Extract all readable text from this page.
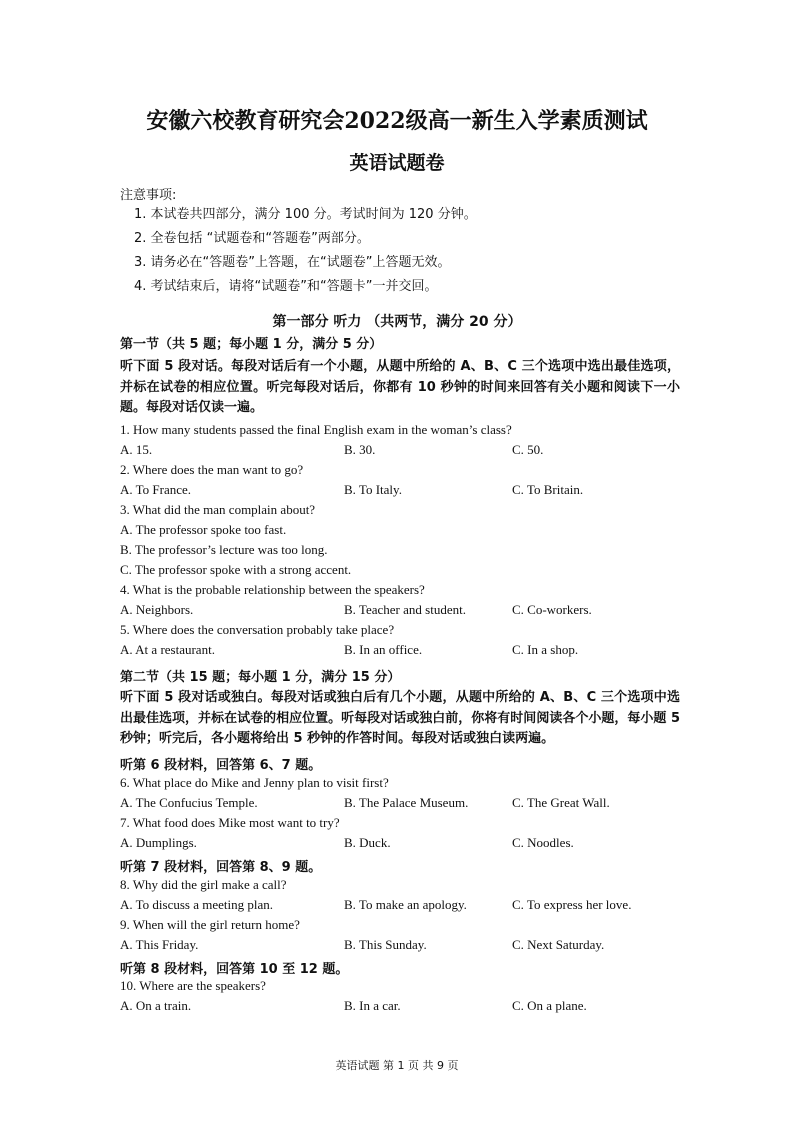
安徽六校教育研究会2022级高一新生入学素质测试
英语试题卷
注意事项:
1. 本试卷共四部分，满分 100 分。考试时间为 120 分钟。
2. 全卷包括 “试题卷和“答题卷”两部分。
3. 请务必在“答题卷”上答题，在“试题卷”上答题无效。
4. 考试结束后，请将“试题卷”和“答题卡”一并交回。
第一部分 听力 （共两节，满分 20 分）
第一节（共 5 题；每小题 1 分，满分 5 分）
听下面 5 段对话。每段对话后有一个小题，从题中所给的 A、B、C 三个选项中选出最佳选项，并标在试卷的相应位置。听完每段对话后，你都有 10 秒钟的时间来回答有关小题和阅读下一小题。每段对话仅读一遍。
1. How many students passed the final English exam in the woman’s class?
A. 15.	B. 30.	C. 50.
2. Where does the man want to go?
A. To France.	B. To Italy.	C. To Britain.
3. What did the man complain about?
A. The professor spoke too fast.
B. The professor’s lecture was too long.
C. The professor spoke with a strong accent.
4. What is the probable relationship between the speakers?
A. Neighbors.	B. Teacher and student.	C. Co-workers.
5. Where does the conversation probably take place?
A. At a restaurant.	B. In an office.	C. In a shop.
第二节（共 15 题；每小题 1 分，满分 15 分）
听下面 5 段对话或独白。每段对话或独白后有几个小题，从题中所给的 A、B、C 三个选项中选出最佳选项，并标在试卷的相应位置。听每段对话或独白前，你将有时间阅读各个小题，每小题 5 秒钟；听完后，各小题将给出 5 秒钟的作答时间。每段对话或独白读两遍。
听第 6 段材料，回答第 6、7 题。
6. What place do Mike and Jenny plan to visit first?
A. The Confucius Temple.	B. The Palace Museum.	C. The Great Wall.
7. What food does Mike most want to try?
A. Dumplings.	B. Duck.	C. Noodles.
听第 7 段材料，回答第 8、9 题。
8. Why did the girl make a call?
A. To discuss a meeting plan.	B. To make an apology.	C. To express her love.
9. When will the girl return home?
A. This Friday.	B. This Sunday.	C. Next Saturday.
听第 8 段材料，回答第 10 至 12 题。
10. Where are the speakers?
A. On a train.	B. In a car.	C. On a plane.
英语试题 第 1 页 共 9 页
